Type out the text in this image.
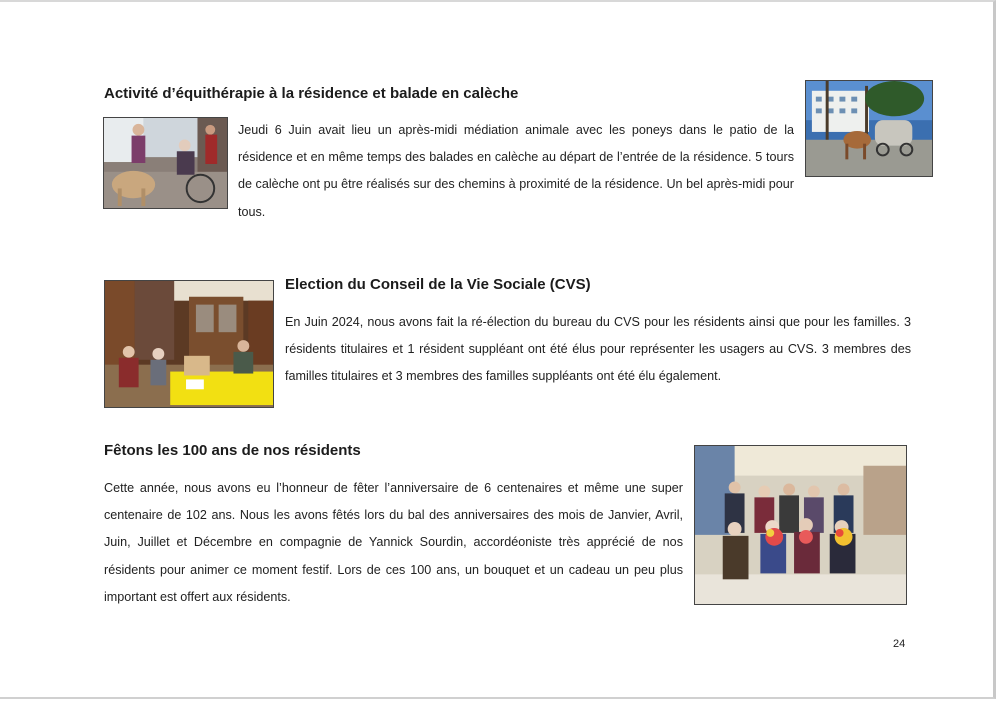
Activité d’équithérapie à la résidence et balade en calèche

Jeudi 6 Juin avait lieu un après-midi médiation animale avec les poneys dans le patio de la résidence et en même temps des balades en calèche au départ de l’entrée de la résidence. 5 tours de calèche ont pu être réalisés sur des chemins à proximité de la résidence. Un bel après-midi pour tous.

Election du Conseil de la Vie Sociale (CVS)

En Juin 2024, nous avons fait la ré-élection du bureau du CVS pour les résidents ainsi que pour les familles. 3 résidents titulaires et 1 résident suppléant ont été élus pour représenter les usagers au CVS. 3 membres des familles titulaires et 3 membres des familles suppléants ont été élu également.

Fêtons les 100 ans de nos résidents

Cette année, nous avons eu l’honneur de fêter l’anniversaire de 6 centenaires et même une super centenaire de 102 ans. Nous les avons fêtés lors du bal des anniversaires des mois de Janvier, Avril, Juin, Juillet et Décembre en compagnie de Yannick Sourdin, accordéoniste très apprécié de nos résidents pour animer ce moment festif. Lors de ces 100 ans, un bouquet et un cadeau un peu plus important est offert aux résidents.

24
